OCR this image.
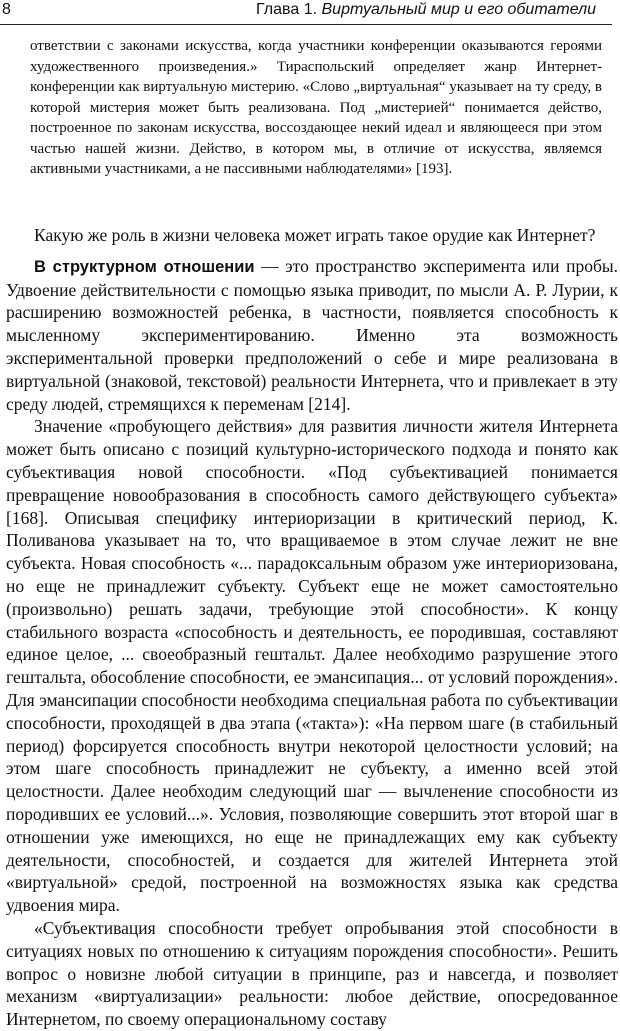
8	Глава 1. Виртуальный мир и его обитатели

ответствии с законами искусства, когда участники конференции оказываются героями художественного произведения.» Тираспольский определяет жанр Интернет-конференции как виртуальную мистерию. «Слово „виртуальная“ указывает на ту среду, в которой мистерия может быть реализована. Под „мистерией“ понимается действо, построенное по законам искусства, воссоздающее некий идеал и являющееся при этом частью нашей жизни. Действо, в котором мы, в отличие от искусства, являемся активными участниками, а не пассивными наблюдателями» [193].

Какую же роль в жизни человека может играть такое орудие как Интернет?

В структурном отношении — это пространство эксперимента или пробы. Удвоение действительности с помощью языка приводит, по мысли А. Р. Лурии, к расширению возможностей ребенка, в частности, появляется способность к мысленному экспериментированию. Именно эта возможность экспериментальной проверки предположений о себе и мире реализована в виртуальной (знаковой, текстовой) реальности Интернета, что и привлекает в эту среду людей, стремящихся к переменам [214].

Значение «пробующего действия» для развития личности жителя Интернета может быть описано с позиций культурно-исторического подхода и понято как субъективация новой способности. «Под субъективацией понимается превращение новообразования в способность самого действующего субъекта» [168]. Описывая специфику интериоризации в критический период, К. Поливанова указывает на то, что вращиваемое в этом случае лежит не вне субъекта. Новая способность «... парадоксальным образом уже интериоризована, но еще не принадлежит субъекту. Субъект еще не может самостоятельно (произвольно) решать задачи, требующие этой способности». К концу стабильного возраста «способность и деятельность, ее породившая, составляют единое целое, ... своеобразный гештальт. Далее необходимо разрушение этого гештальта, обособление способности, ее эмансипация... от условий порождения». Для эмансипации способности необходима специальная работа по субъективации способности, проходящей в два этапа («такта»): «На первом шаге (в стабильный период) форсируется способность внутри некоторой целостности условий; на этом шаге способность принадлежит не субъекту, а именно всей этой целостности. Далее необходим следующий шаг — вычленение способности из породивших ее условий...». Условия, позволяющие совершить этот второй шаг в отношении уже имеющихся, но еще не принадлежащих ему как субъекту деятельности, способностей, и создается для жителей Интернета этой «виртуальной» средой, построенной на возможностях языка как средства удвоения мира.

«Субъективация способности требует опробывания этой способности в ситуациях новых по отношению к ситуациям порождения способности». Решить вопрос о новизне любой ситуации в принципе, раз и навсегда, и позволяет механизм «виртуализации» реальности: любое действие, опосредованное Интернетом, по своему операциональному составу
